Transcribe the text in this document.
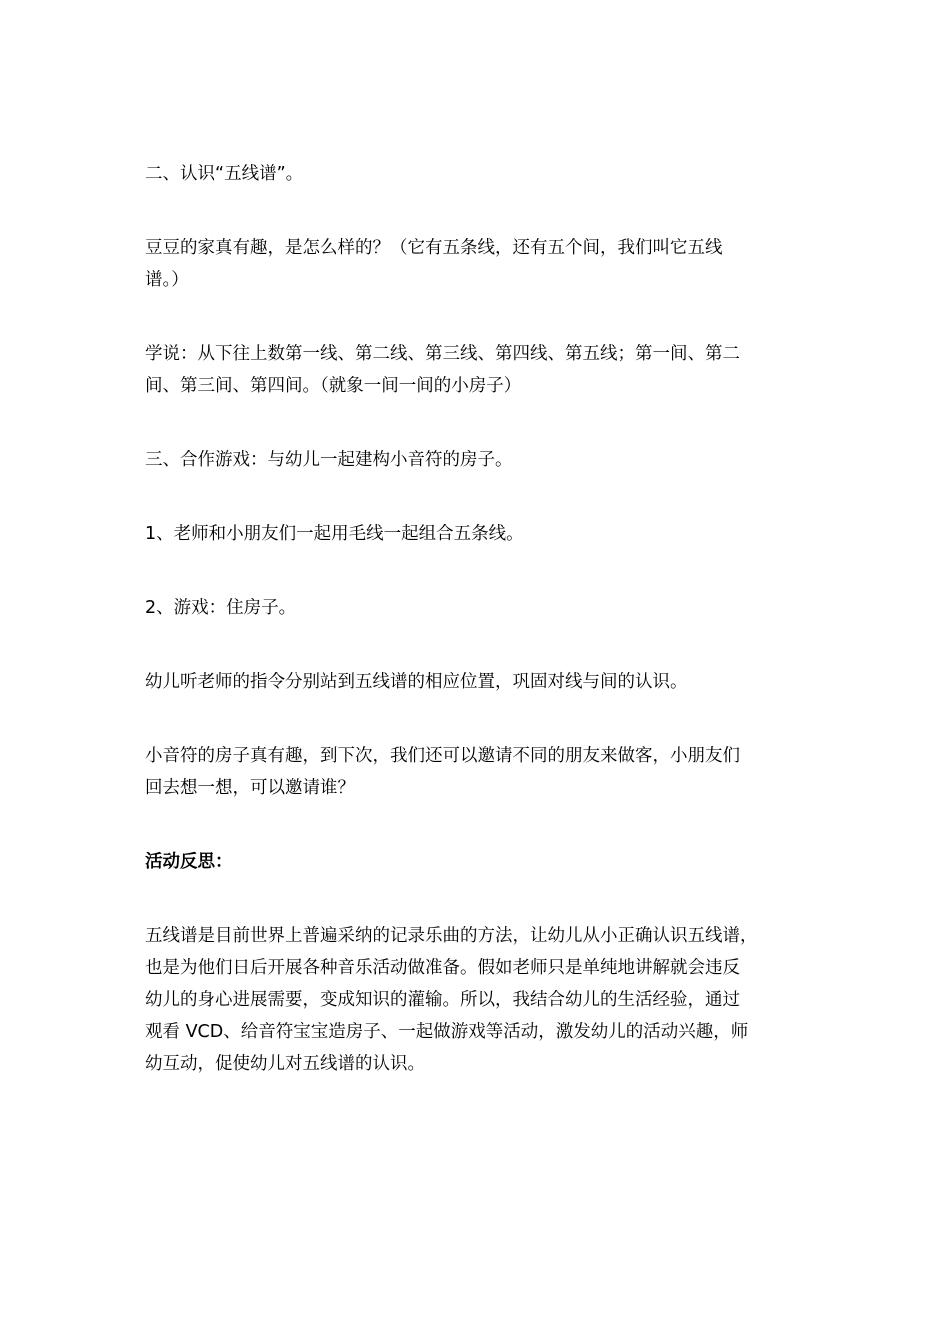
二、认识“五线谱”。

豆豆的家真有趣，是怎么样的？（它有五条线，还有五个间，我们叫它五线
谱。）

学说：从下往上数第一线、第二线、第三线、第四线、第五线；第一间、第二
间、第三间、第四间。（就象一间一间的小房子）

三、合作游戏：与幼儿一起建构小音符的房子。

1、老师和小朋友们一起用毛线一起组合五条线。

2、游戏：住房子。

幼儿听老师的指令分别站到五线谱的相应位置，巩固对线与间的认识。

小音符的房子真有趣，到下次，我们还可以邀请不同的朋友来做客，小朋友们
回去想一想，可以邀请谁？

活动反思：

五线谱是目前世界上普遍采纳的记录乐曲的方法，让幼儿从小正确认识五线谱，
也是为他们日后开展各种音乐活动做准备。假如老师只是单纯地讲解就会违反
幼儿的身心进展需要，变成知识的灌输。所以，我结合幼儿的生活经验，通过
观看 VCD、给音符宝宝造房子、一起做游戏等活动，激发幼儿的活动兴趣，师
幼互动，促使幼儿对五线谱的认识。
